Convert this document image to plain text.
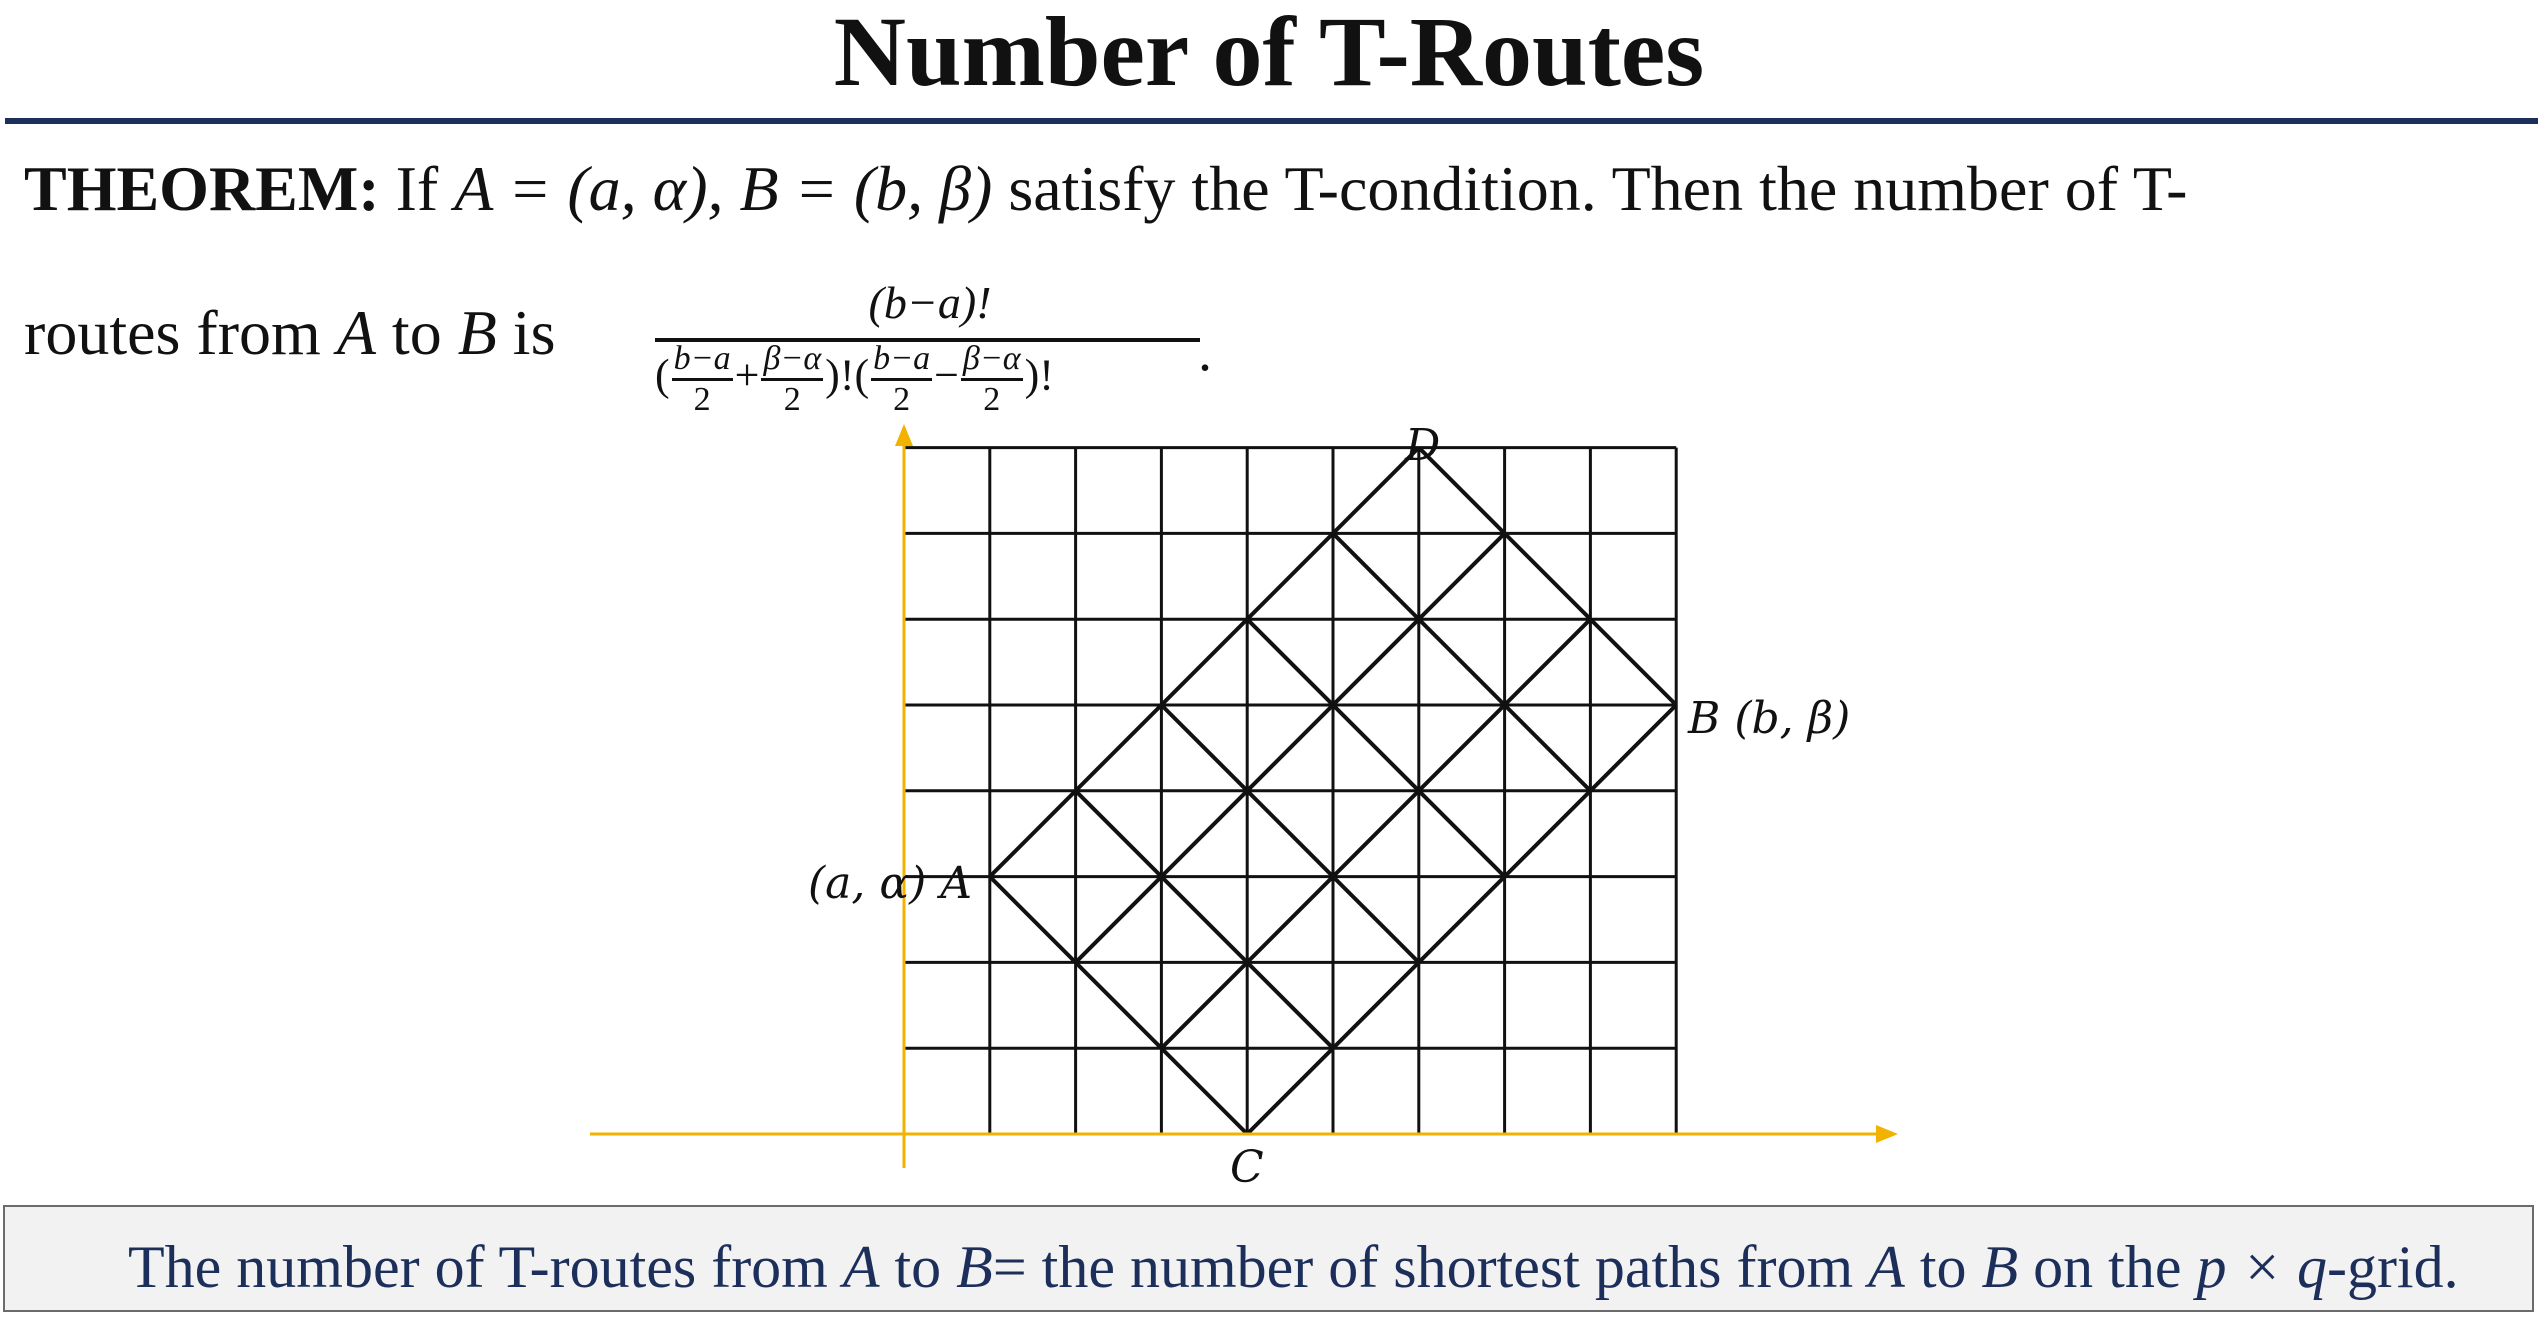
Number of T-Routes
THEOREM: If A = (a, α), B = (b, β) satisfy the T-condition. Then the number of T-
routes from A to B is	(b−a)!
( $\frac{b-a}{2} + \frac{\beta-\alpha}{2}$ )!( $\frac{b-a}{2} - \frac{\beta-\alpha}{2}$ )!	.
(a, α) A
B (b, β)
C
D
The number of T-routes from A to B= the number of shortest paths from A to B on the p × q-grid.
